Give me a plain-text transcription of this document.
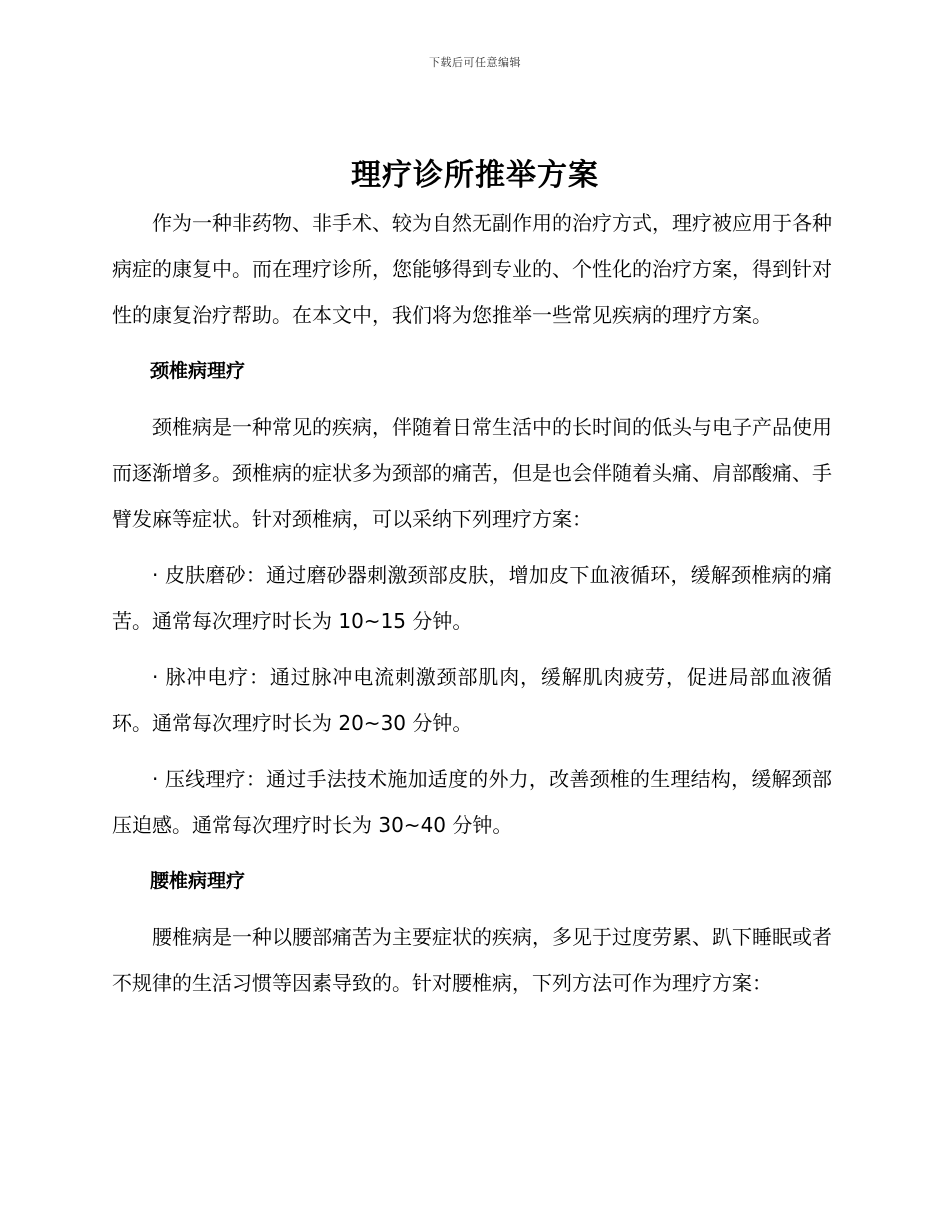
下载后可任意编辑
理疗诊所推举方案

作为一种非药物、非手术、较为自然无副作用的治疗方式，理疗被应用于各种病症的康复中。而在理疗诊所，您能够得到专业的、个性化的治疗方案，得到针对性的康复治疗帮助。在本文中，我们将为您推举一些常见疾病的理疗方案。

颈椎病理疗

颈椎病是一种常见的疾病，伴随着日常生活中的长时间的低头与电子产品使用而逐渐增多。颈椎病的症状多为颈部的痛苦，但是也会伴随着头痛、肩部酸痛、手臂发麻等症状。针对颈椎病，可以采纳下列理疗方案：

· 皮肤磨砂：通过磨砂器刺激颈部皮肤，增加皮下血液循环，缓解颈椎病的痛苦。通常每次理疗时长为 10~15 分钟。

· 脉冲电疗：通过脉冲电流刺激颈部肌肉，缓解肌肉疲劳，促进局部血液循环。通常每次理疗时长为 20~30 分钟。

· 压线理疗：通过手法技术施加适度的外力，改善颈椎的生理结构，缓解颈部压迫感。通常每次理疗时长为 30~40 分钟。

腰椎病理疗

腰椎病是一种以腰部痛苦为主要症状的疾病，多见于过度劳累、趴下睡眠或者不规律的生活习惯等因素导致的。针对腰椎病，下列方法可作为理疗方案：
